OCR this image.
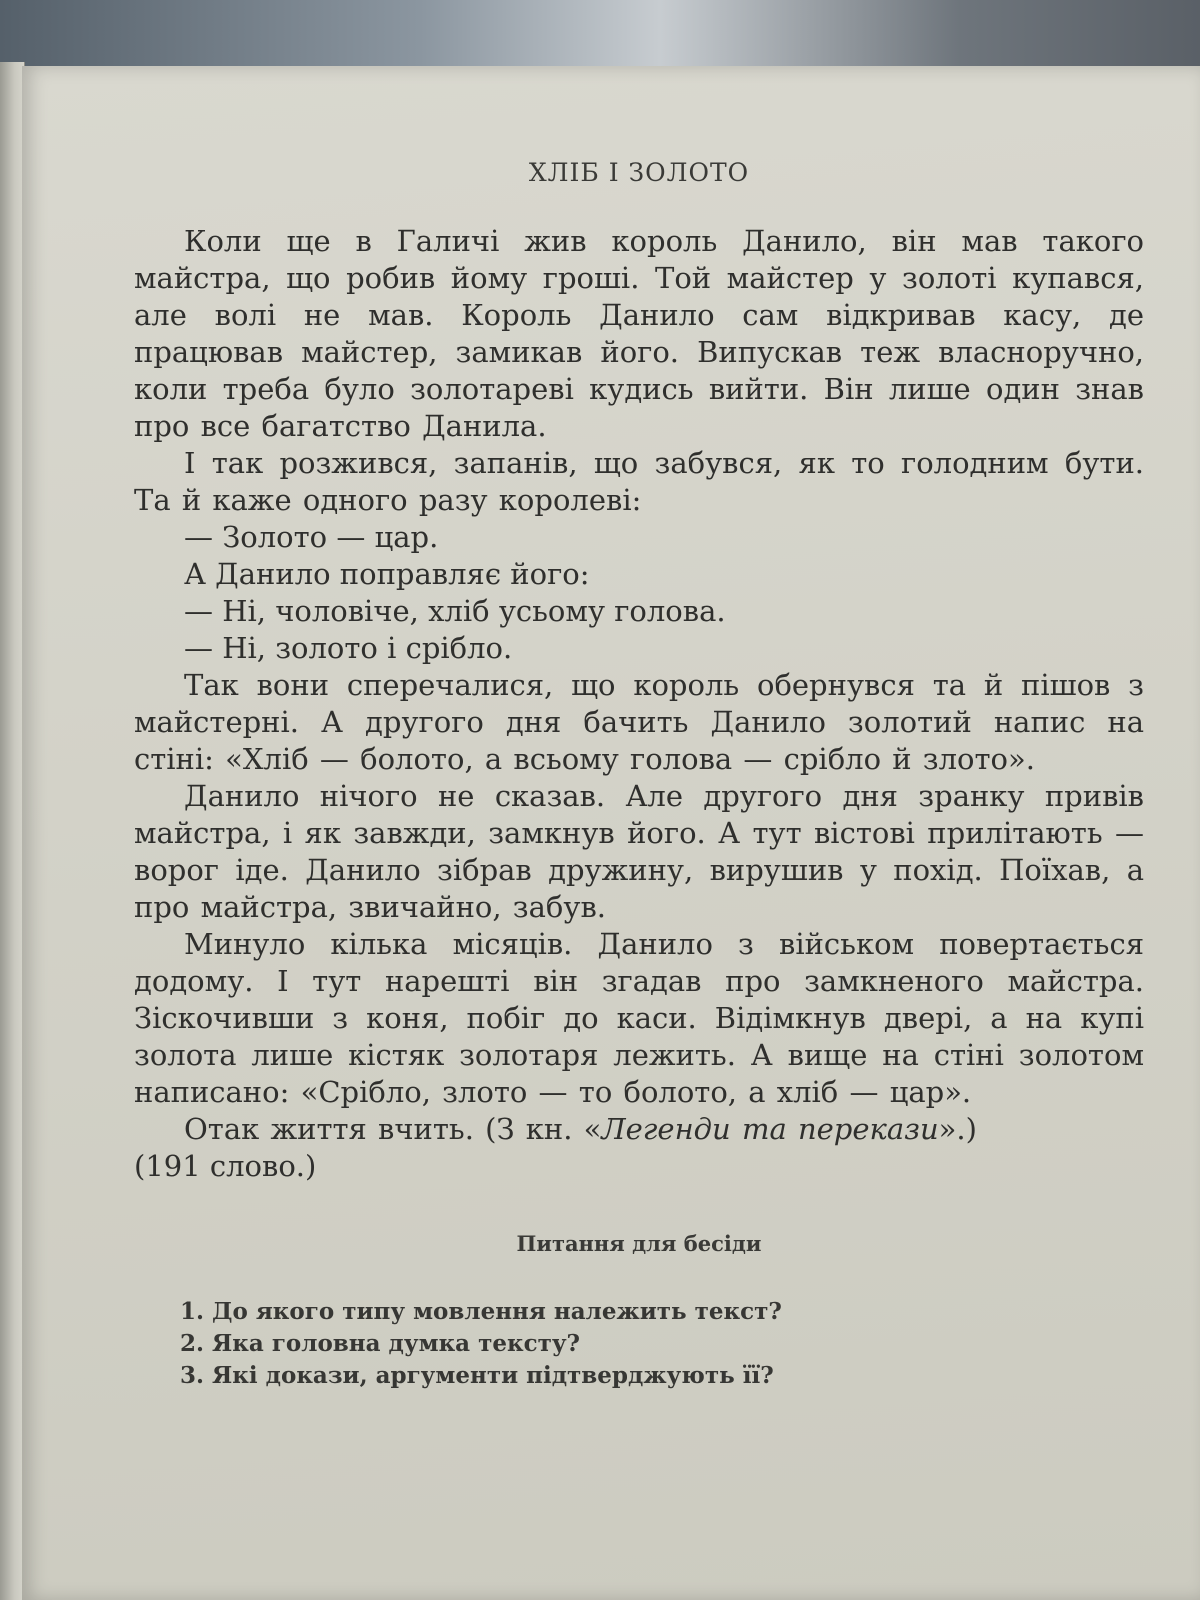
ХЛІБ І ЗОЛОТО

Коли ще в Галичі жив король Данило, він мав такого майстра, що робив йому гроші. Той майстер у золоті купався, але волі не мав. Король Данило сам відкривав касу, де працював майстер, замикав його. Випускав теж власноручно, коли треба було золотареві кудись вийти. Він лише один знав про все багатство Данила.

І так розжився, запанів, що забувся, як то голодним бути. Та й каже одного разу королеві:

— Золото — цар.
А Данило поправляє його:
— Ні, чоловіче, хліб усьому голова.
— Ні, золото і срібло.

Так вони сперечалися, що король обернувся та й пішов з майстерні. А другого дня бачить Данило золотий напис на стіні: «Хліб — болото, а всьому голова — срібло й злото».

Данило нічого не сказав. Але другого дня зранку привів майстра, і як завжди, замкнув його. А тут вістові прилітають — ворог іде. Данило зібрав дружину, вирушив у похід. Поїхав, а про майстра, звичайно, забув.

Минуло кілька місяців. Данило з військом повертається додому. І тут нарешті він згадав про замкненого майстра. Зіскочивши з коня, побіг до каси. Відімкнув двері, а на купі золота лише кістяк золотаря лежить. А вище на стіні золотом написано: «Срібло, злото — то болото, а хліб — цар».

Отак життя вчить. (З кн. «Легенди та перекази».)

(191 слово.)
Питання для бесіди
1. До якого типу мовлення належить текст?
2. Яка головна думка тексту?
3. Які докази, аргументи підтверджують її?
